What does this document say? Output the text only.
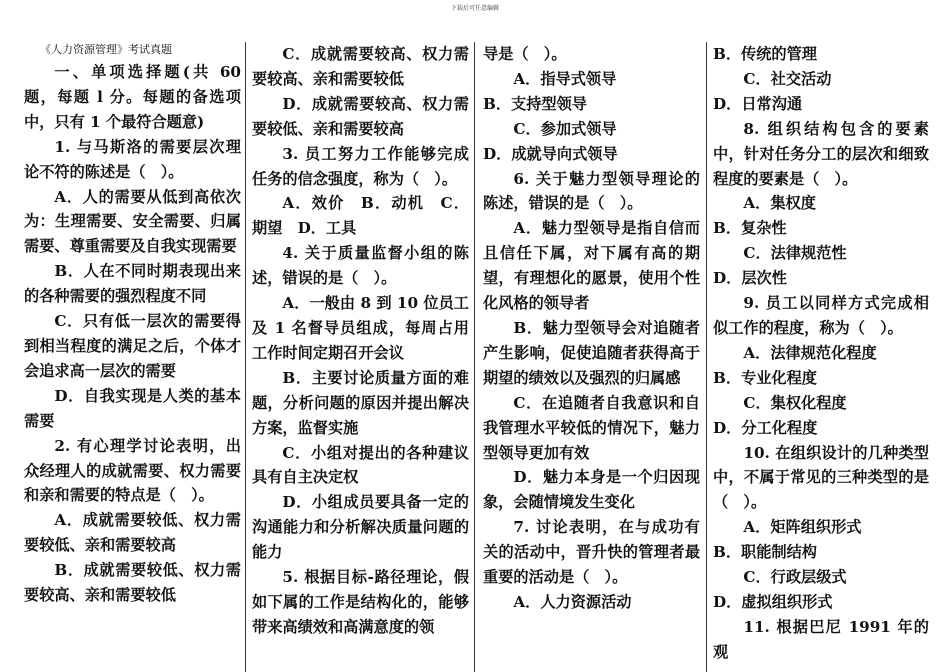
下载后可任意编辑

《人力资源管理》考试真题

一、单项选择题(共 60 题，每题 l 分。每题的备选项中，只有 1 个最符合题意)

1. 与马斯洛的需要层次理论不符的陈述是（　）。

A．人的需要从低到高依次为：生理需要、安全需要、归属需要、尊重需要及自我实现需要

B．人在不同时期表现出来的各种需要的强烈程度不同

C．只有低一层次的需要得到相当程度的满足之后，个体才会追求高一层次的需要

D．自我实现是人类的基本需要

2. 有心理学讨论表明，出众经理人的成就需要、权力需要和亲和需要的特点是（　）。

A．成就需要较低、权力需要较低、亲和需要较高

B．成就需要较低、权力需要较高、亲和需要较低

C．成就需要较高、权力需要较高、亲和需要较低

D．成就需要较高、权力需要较低、亲和需要较高

3. 员工努力工作能够完成任务的信念强度，称为（　）。

A．效价　B．动机　C．期望　D．工具

4. 关于质量监督小组的陈述，错误的是（　）。

A．一般由 8 到 10 位员工及 1 名督导员组成，每周占用工作时间定期召开会议

B．主要讨论质量方面的难题，分析问题的原因并提出解决方案，监督实施

C．小组对提出的各种建议具有自主决定权

D．小组成员要具备一定的沟通能力和分析解决质量问题的能力

5. 根据目标-路径理论，假如下属的工作是结构化的，能够带来高绩效和高满意度的领

导是（　）。

A．指导式领导

B．支持型领导

C．参加式领导

D．成就导向式领导

6. 关于魅力型领导理论的陈述，错误的是（　）。

A．魅力型领导是指自信而且信任下属，对下属有高的期望，有理想化的愿景，使用个性化风格的领导者

B．魅力型领导会对追随者产生影响，促使追随者获得高于期望的绩效以及强烈的归属感

C．在追随者自我意识和自我管理水平较低的情况下，魅力型领导更加有效

D．魅力本身是一个归因现象，会随情境发生变化

7. 讨论表明，在与成功有关的活动中，晋升快的管理者最重要的活动是（　）。

A．人力资源活动

B．传统的管理

C．社交活动

D．日常沟通

8. 组织结构包含的要素中，针对任务分工的层次和细致程度的要素是（　）。

A．集权度

B．复杂性

C．法律规范性

D．层次性

9. 员工以同样方式完成相似工作的程度，称为（　）。

A．法律规范化程度

B．专业化程度

C．集权化程度

D．分工化程度

10. 在组织设计的几种类型中，不属于常见的三种类型的是（　）。

A．矩阵组织形式

B．职能制结构

C．行政层级式

D．虚拟组织形式

11. 根据巴尼 1991 年的观
